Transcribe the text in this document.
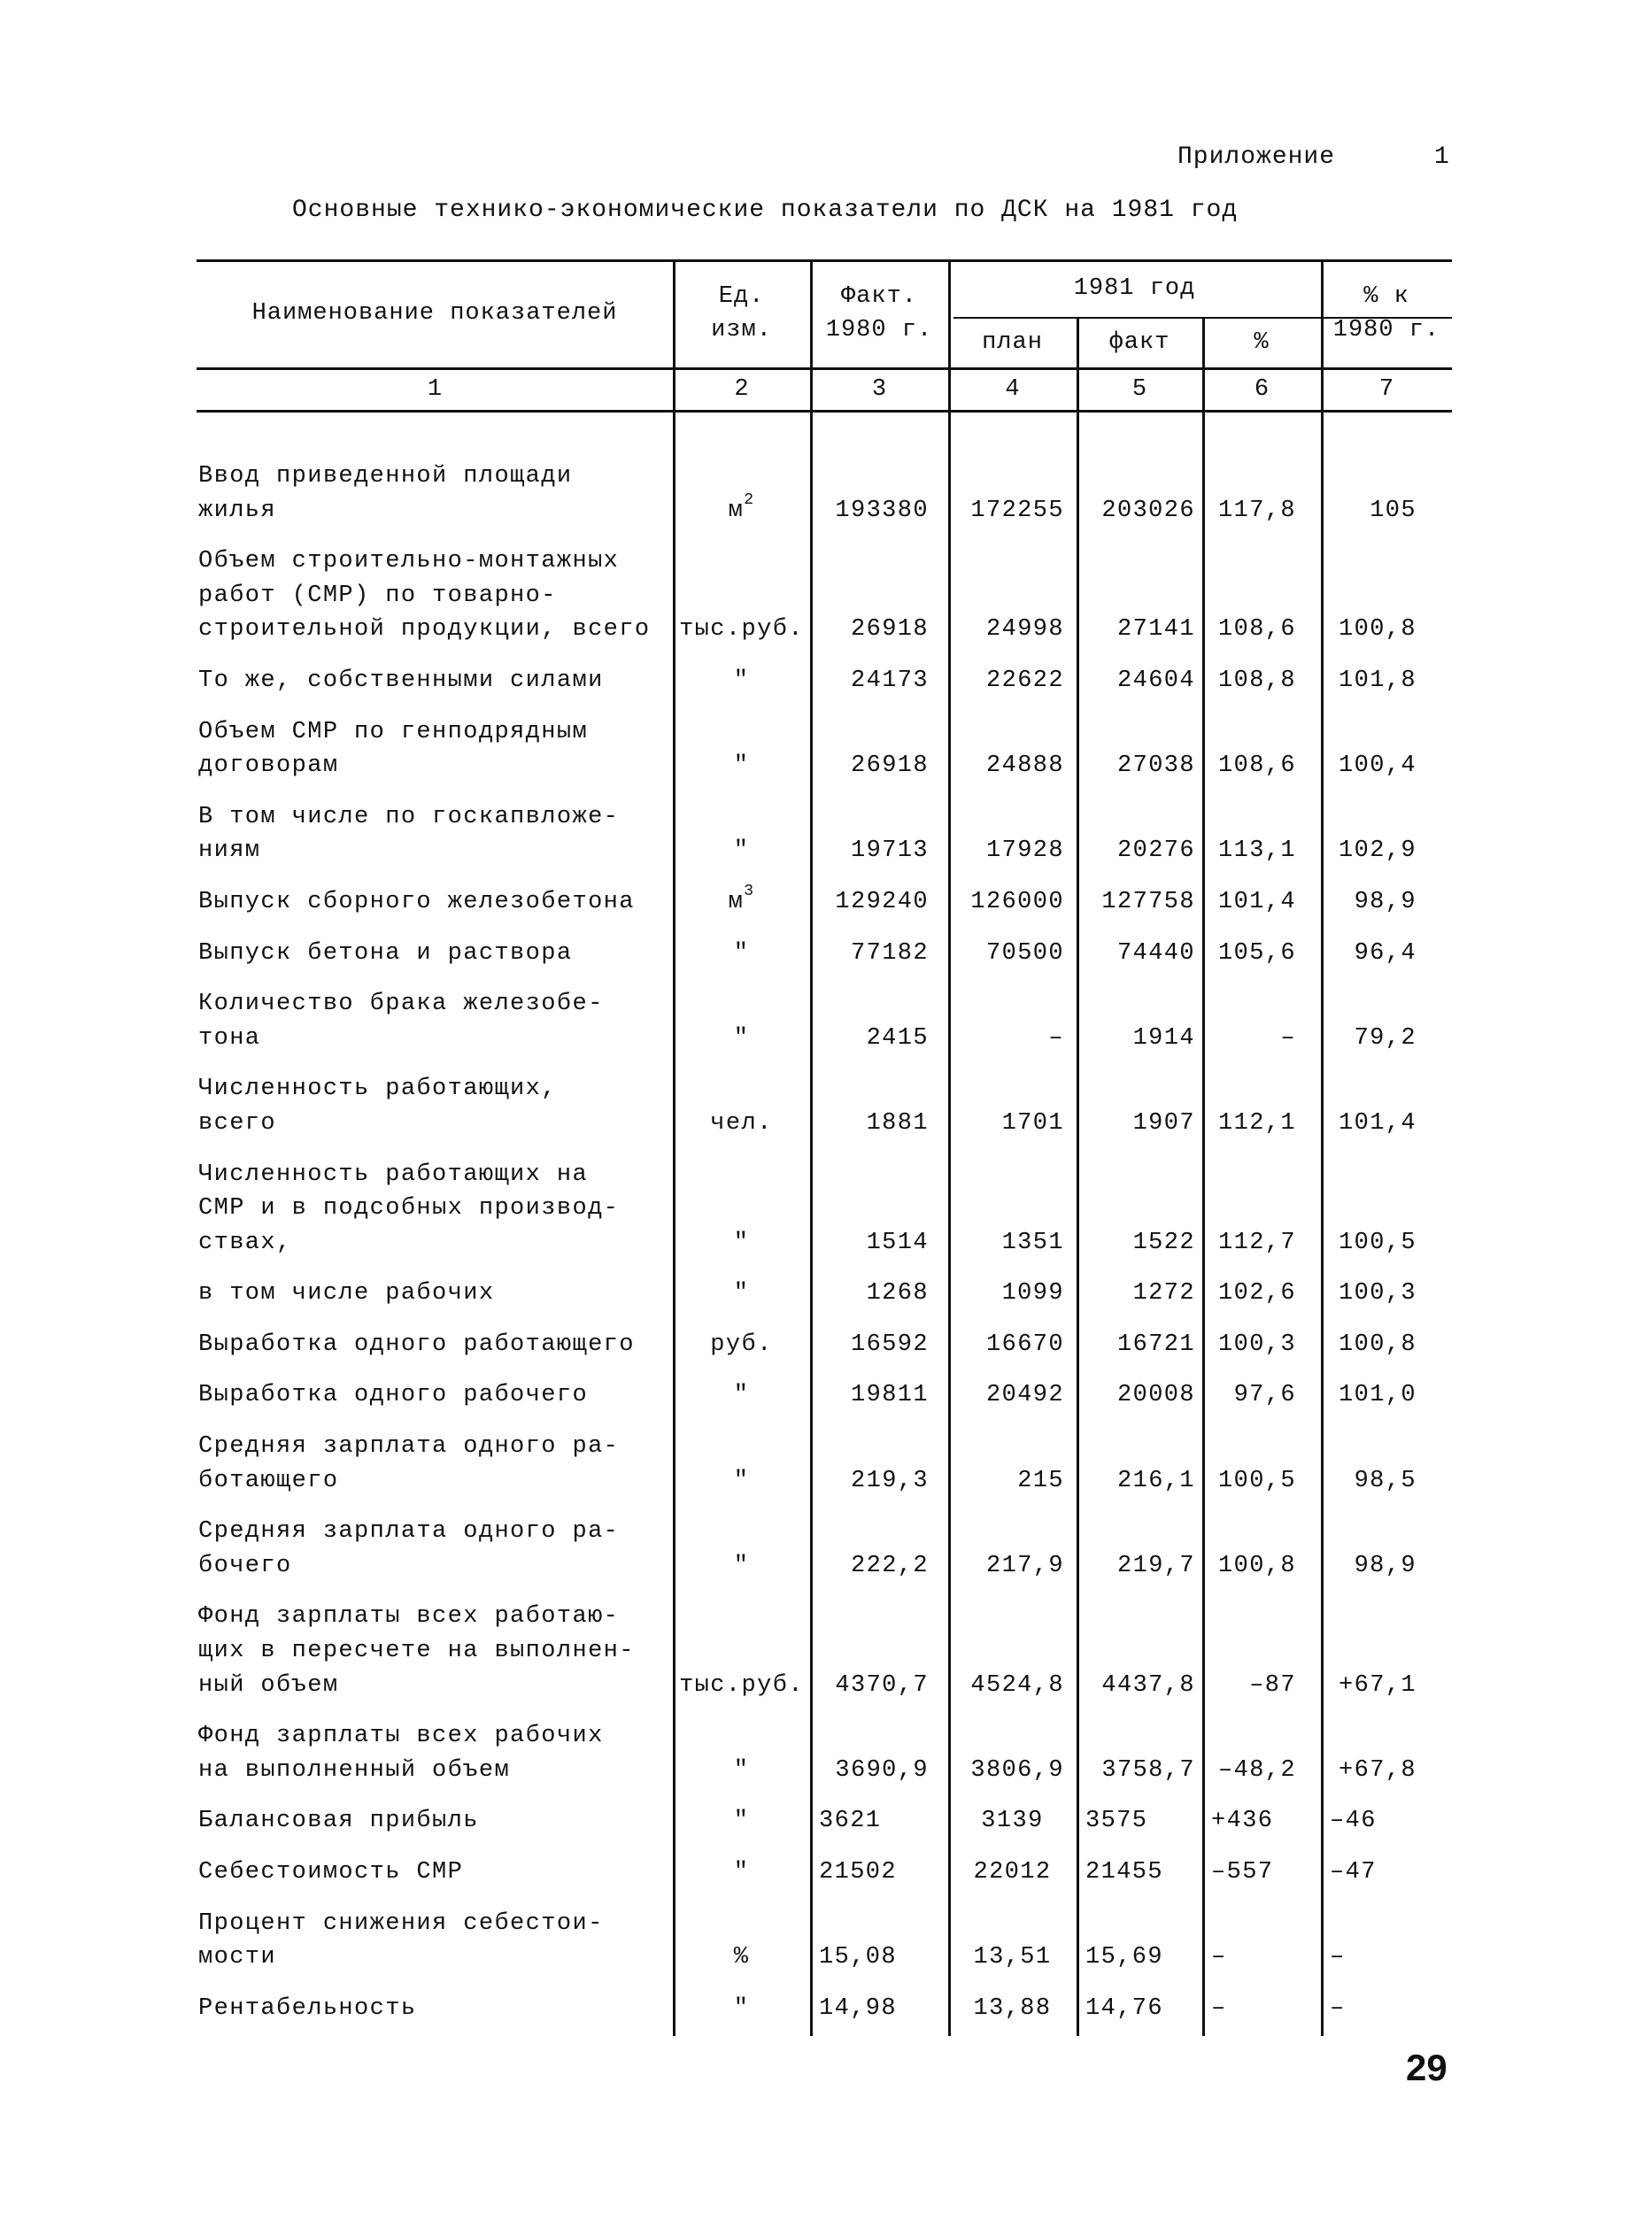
Приложение	1
Основные технико-экономические показатели по ДСК на 1981 год
Наименование показателей
Ед.
изм.
Факт.
1980 г.
1981 год
план	факт	%
% к
1980 г.
1	2	3	4	5	6	7
Ввод приведенной площади
жилья	$м^2$	193380 172255 203026 117,8	105
Объем строительно-монтажных
работ (СМР) по товарно-
строительной продукции, всего	тыс.руб. 26918 24998 27141 108,6 100,8
То же, собственными силами	″	24173 22622 24604 108,8 101,8
Объем СМР по генподрядным
договорам	″	26918 24888 27038 108,6 100,4
В том числе по госкапвложе-
ниям	″	19713 17928 20276 113,1 102,9
Выпуск сборного железобетона	$м^3$	129240 126000 127758 101,4 98,9
Выпуск бетона и раствора	″	77182 70500 74440 105,6 96,4
Количество брака железобе-
тона	″	2415	–	1914	– 79,2
Численность работающих,
всего	чел.	1881	1701	1907 112,1 101,4
Численность работающих на
СМР и в подсобных производ-
ствах,	″	1514	1351	1522 112,7 100,5
в том числе рабочих	″	1268	1099	1272 102,6 100,3
Выработка одного работающего	руб.	16592 16670 16721 100,3 100,8
Выработка одного рабочего	″	19811 20492 20008 97,6 101,0
Средняя зарплата одного ра-
ботающего	″	219,3	215 216,1 100,5 98,5
Средняя зарплата одного ра-
бочего	″	222,2 217,9 219,7 100,8 98,9
Фонд зарплаты всех работаю-
щих в пересчете на выполнен-
ный объем	тыс.руб. 4370,7 4524,8 4437,8 –87 +67,1
Фонд зарплаты всех рабочих
на выполненный объем	″	3690,9 3806,9 3758,7 –48,2 +67,8
Балансовая прибыль	″	3621	3139 3575	+436 –46
Себестоимость СМР	″	21502	22012 21455 –557 –47
Процент снижения себестои-
мости	%	15,08	13,51 15,69 –	–
Рентабельность	″	14,98	13,88 14,76 –	–
29
